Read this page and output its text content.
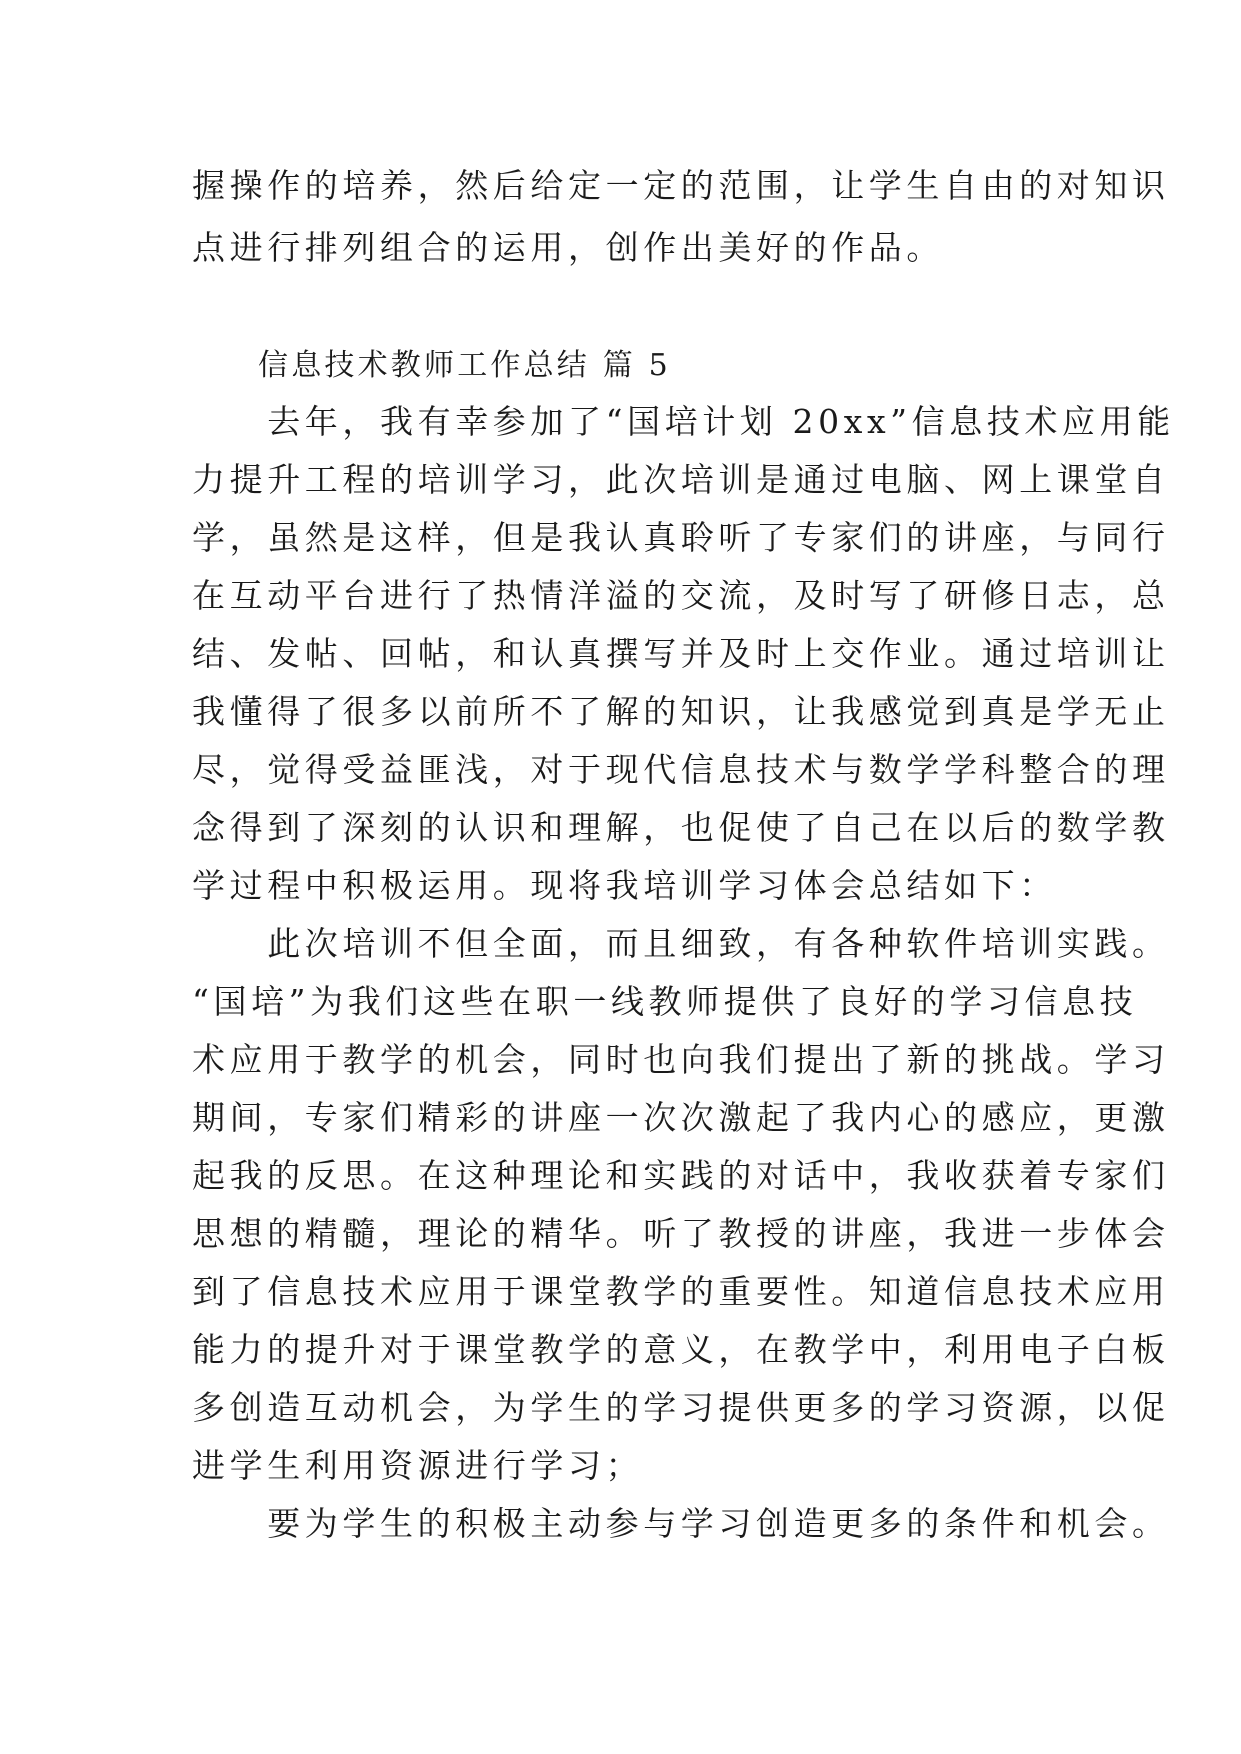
握操作的培养，然后给定一定的范围，让学生自由的对知识
点进行排列组合的运用，创作出美好的作品。
信息技术教师工作总结 篇 5
　　去年，我有幸参加了“国培计划 20xx”信息技术应用能
力提升工程的培训学习，此次培训是通过电脑、网上课堂自
学，虽然是这样，但是我认真聆听了专家们的讲座，与同行
在互动平台进行了热情洋溢的交流，及时写了研修日志，总
结、发帖、回帖，和认真撰写并及时上交作业。通过培训让
我懂得了很多以前所不了解的知识，让我感觉到真是学无止
尽，觉得受益匪浅，对于现代信息技术与数学学科整合的理
念得到了深刻的认识和理解，也促使了自己在以后的数学教
学过程中积极运用。现将我培训学习体会总结如下：
　　此次培训不但全面，而且细致，有各种软件培训实践。
“国培”为我们这些在职一线教师提供了良好的学习信息技
术应用于教学的机会，同时也向我们提出了新的挑战。学习
期间，专家们精彩的讲座一次次激起了我内心的感应，更激
起我的反思。在这种理论和实践的对话中，我收获着专家们
思想的精髓，理论的精华。听了教授的讲座，我进一步体会
到了信息技术应用于课堂教学的重要性。知道信息技术应用
能力的提升对于课堂教学的意义，在教学中，利用电子白板
多创造互动机会，为学生的学习提供更多的学习资源，以促
进学生利用资源进行学习；
　　要为学生的积极主动参与学习创造更多的条件和机会。
